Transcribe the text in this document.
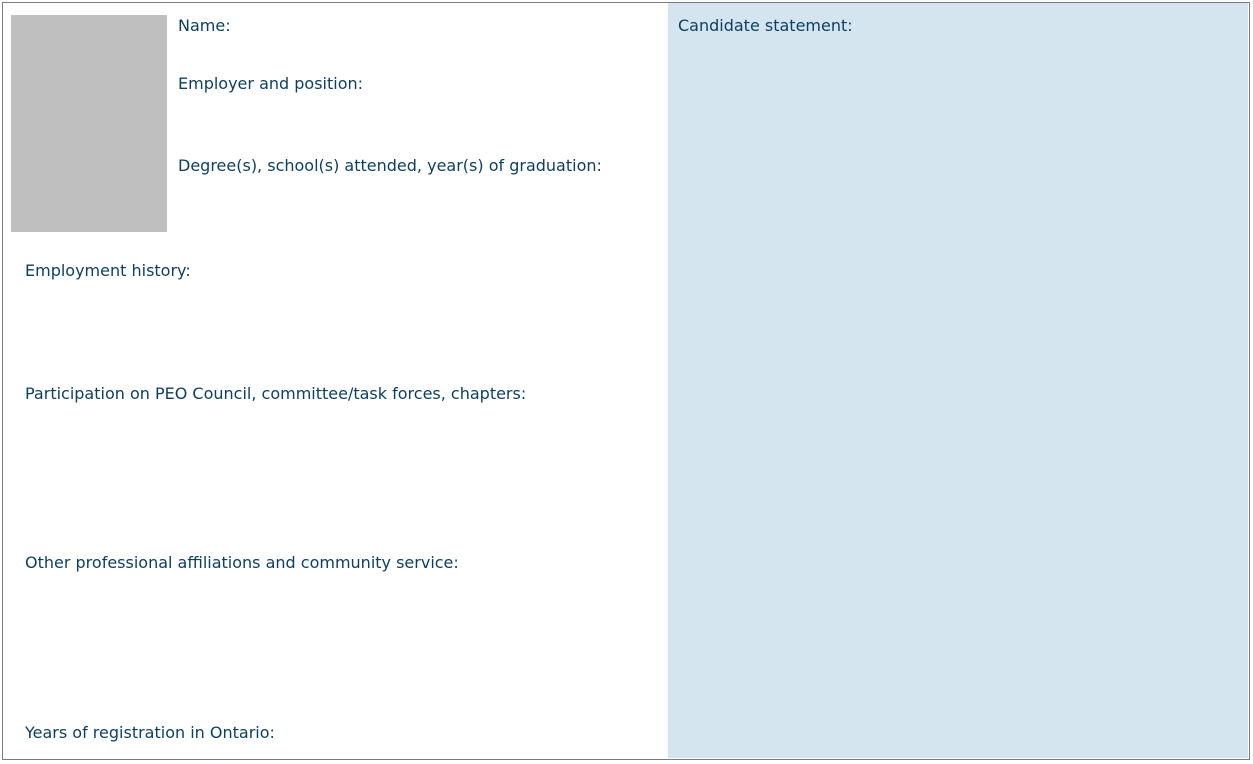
Name:
Employer and position:
Degree(s), school(s) attended, year(s) of graduation:
Employment history:
Participation on PEO Council, committee/task forces, chapters:
Other professional affiliations and community service:
Years of registration in Ontario:
Candidate statement:
